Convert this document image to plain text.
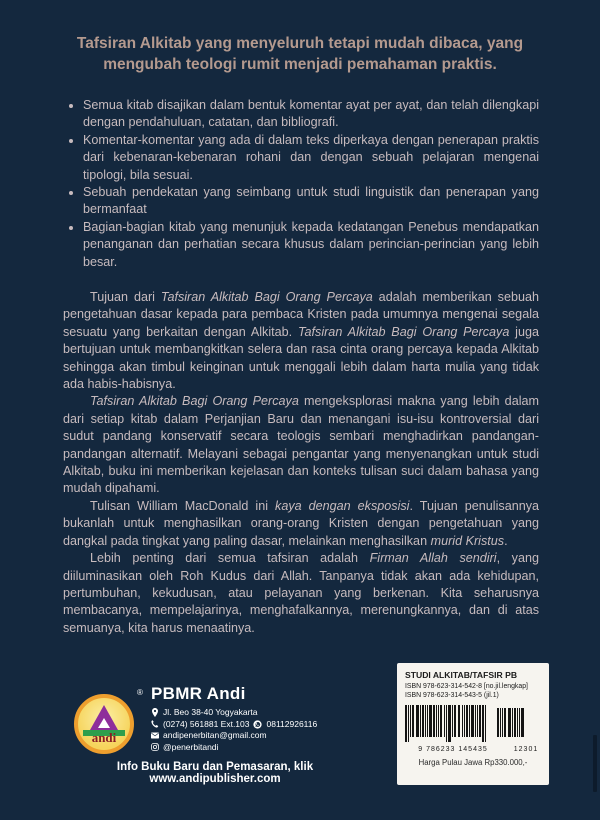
Tafsiran Alkitab yang menyeluruh tetapi mudah dibaca, yang mengubah teologi rumit menjadi pemahaman praktis.
Semua kitab disajikan dalam bentuk komentar ayat per ayat, dan telah dilengkapi dengan pendahuluan, catatan, dan bibliografi.
Komentar-komentar yang ada di dalam teks diperkaya dengan penerapan praktis dari kebenaran-kebenaran rohani dan dengan sebuah pelajaran mengenai tipologi, bila sesuai.
Sebuah pendekatan yang seimbang untuk studi linguistik dan penerapan yang bermanfaat
Bagian-bagian kitab yang menunjuk kepada kedatangan Penebus mendapatkan penanganan dan perhatian secara khusus dalam perincian-perincian yang lebih besar.

Tujuan dari Tafsiran Alkitab Bagi Orang Percaya adalah memberikan sebuah pengetahuan dasar kepada para pembaca Kristen pada umumnya mengenai segala sesuatu yang berkaitan dengan Alkitab. Tafsiran Alkitab Bagi Orang Percaya juga bertujuan untuk membangkitkan selera dan rasa cinta orang percaya kepada Alkitab sehingga akan timbul keinginan untuk menggali lebih dalam harta mulia yang tidak ada habis-habisnya.

Tafsiran Alkitab Bagi Orang Percaya mengeksplorasi makna yang lebih dalam dari setiap kitab dalam Perjanjian Baru dan menangani isu-isu kontroversial dari sudut pandang konservatif secara teologis sembari menghadirkan pandangan-pandangan alternatif. Melayani sebagai pengantar yang menyenangkan untuk studi Alkitab, buku ini memberikan kejelasan dan konteks tulisan suci dalam bahasa yang mudah dipahami.

Tulisan William MacDonald ini kaya dengan eksposisi. Tujuan penulisannya bukanlah untuk menghasilkan orang-orang Kristen dengan pengetahuan yang dangkal pada tingkat yang paling dasar, melainkan menghasilkan murid Kristus.

Lebih penting dari semua tafsiran adalah Firman Allah sendiri, yang diiluminasikan oleh Roh Kudus dari Allah. Tanpanya tidak akan ada kehidupan, pertumbuhan, kekudusan, atau pelayanan yang berkenan. Kita seharusnya membacanya, mempelajarinya, menghafalkannya, merenungkannya, dan di atas semuanya, kita harus menaatinya.

andi
® PBMR Andi
Jl. Beo 38-40 Yogyakarta
(0274) 561881 Ext.103 08112926116
andipenerbitan@gmail.com
@penerbitandi
Info Buku Baru dan Pemasaran, klik www.andipublisher.com
STUDI ALKITAB/TAFSIR PB
ISBN 978-623-314-542-8 [no.jil.lengkap]
ISBN 978-623-314-543-5 (jil.1)
9 786233 145435	12301
Harga Pulau Jawa Rp330.000,-
